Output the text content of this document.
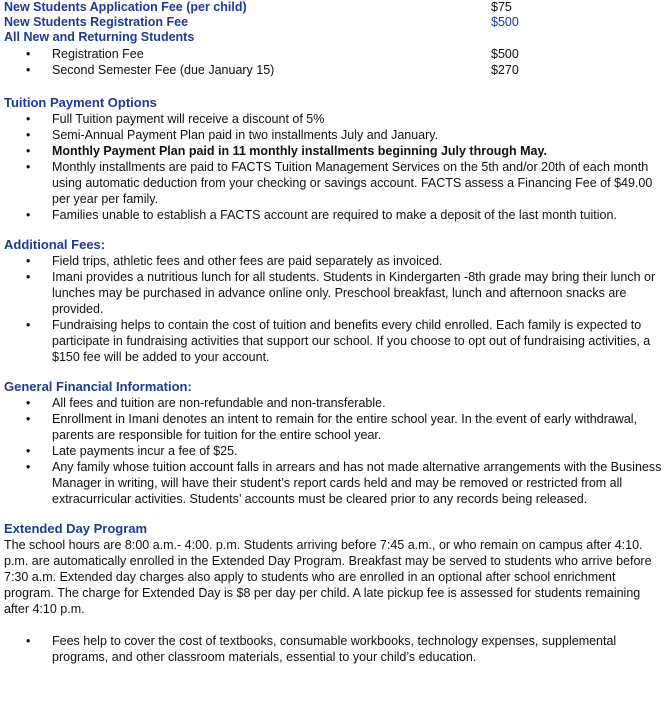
New Students Application Fee (per child)	$75
New Students Registration Fee	$500
All New and Returning Students
• Registration Fee	$500
• Second Semester Fee (due January 15)	$270
Tuition Payment Options
• Full Tuition payment will receive a discount of 5%
• Semi-Annual Payment Plan paid in two installments July and January.
• Monthly Payment Plan paid in 11 monthly installments beginning July through May.
• Monthly installments are paid to FACTS Tuition Management Services on the 5th and/or 20th of each month using automatic deduction from your checking or savings account. FACTS assess a Financing Fee of $49.00 per year per family.
• Families unable to establish a FACTS account are required to make a deposit of the last month tuition.
Additional Fees:
• Field trips, athletic fees and other fees are paid separately as invoiced.
• Imani provides a nutritious lunch for all students. Students in Kindergarten -8th grade may bring their lunch or lunches may be purchased in advance online only. Preschool breakfast, lunch and afternoon snacks are provided.
• Fundraising helps to contain the cost of tuition and benefits every child enrolled. Each family is expected to participate in fundraising activities that support our school. If you choose to opt out of fundraising activities, a $150 fee will be added to your account.
General Financial Information:
• All fees and tuition are non-refundable and non-transferable.
• Enrollment in Imani denotes an intent to remain for the entire school year. In the event of early withdrawal, parents are responsible for tuition for the entire school year.
• Late payments incur a fee of $25.
• Any family whose tuition account falls in arrears and has not made alternative arrangements with the Business Manager in writing, will have their student’s report cards held and may be removed or restricted from all extracurricular activities. Students’ accounts must be cleared prior to any records being released.
Extended Day Program

The school hours are 8:00 a.m.- 4:00. p.m. Students arriving before 7:45 a.m., or who remain on campus after 4:10. p.m. are automatically enrolled in the Extended Day Program. Breakfast may be served to students who arrive before 7:30 a.m. Extended day charges also apply to students who are enrolled in an optional after school enrichment program. The charge for Extended Day is $8 per day per child. A late pickup fee is assessed for students remaining after 4:10 p.m.

• Fees help to cover the cost of textbooks, consumable workbooks, technology expenses, supplemental programs, and other classroom materials, essential to your child’s education.
